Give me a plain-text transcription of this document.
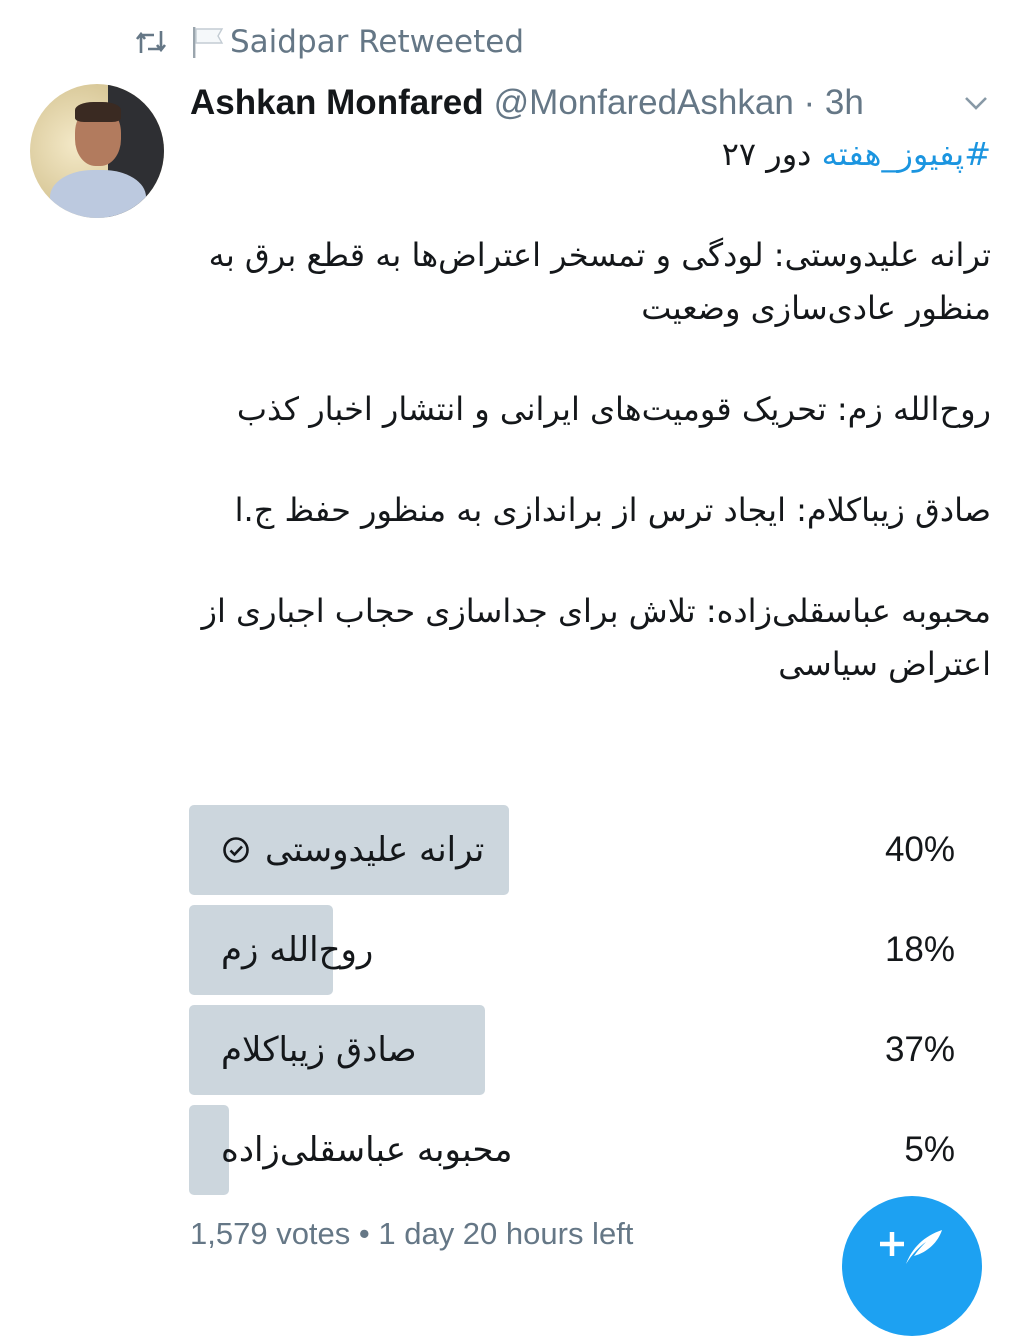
Saidpar Retweeted
Ashkan Monfared @MonfaredAshkan · 3h

#پفیوز_هفته دور ۲۷

ترانه علیدوستی: لودگی و تمسخر اعتراض‌ها به قطع برق به منظور عادی‌سازی وضعیت

روح‌الله زم: تحریک قومیت‌های ایرانی و انتشار اخبار کذب

صادق زیباکلام: ایجاد ترس از براندازی به منظور حفظ ج.ا

محبوبه عباسقلی‌زاده: تلاش برای جداسازی حجاب اجباری از اعتراض سیاسی

ترانه علیدوستی	40%
روح‌الله زم	18%
صادق زیباکلام	37%
محبوبه عباسقلی‌زاده	5%
1,579 votes • 1 day 20 hours left
